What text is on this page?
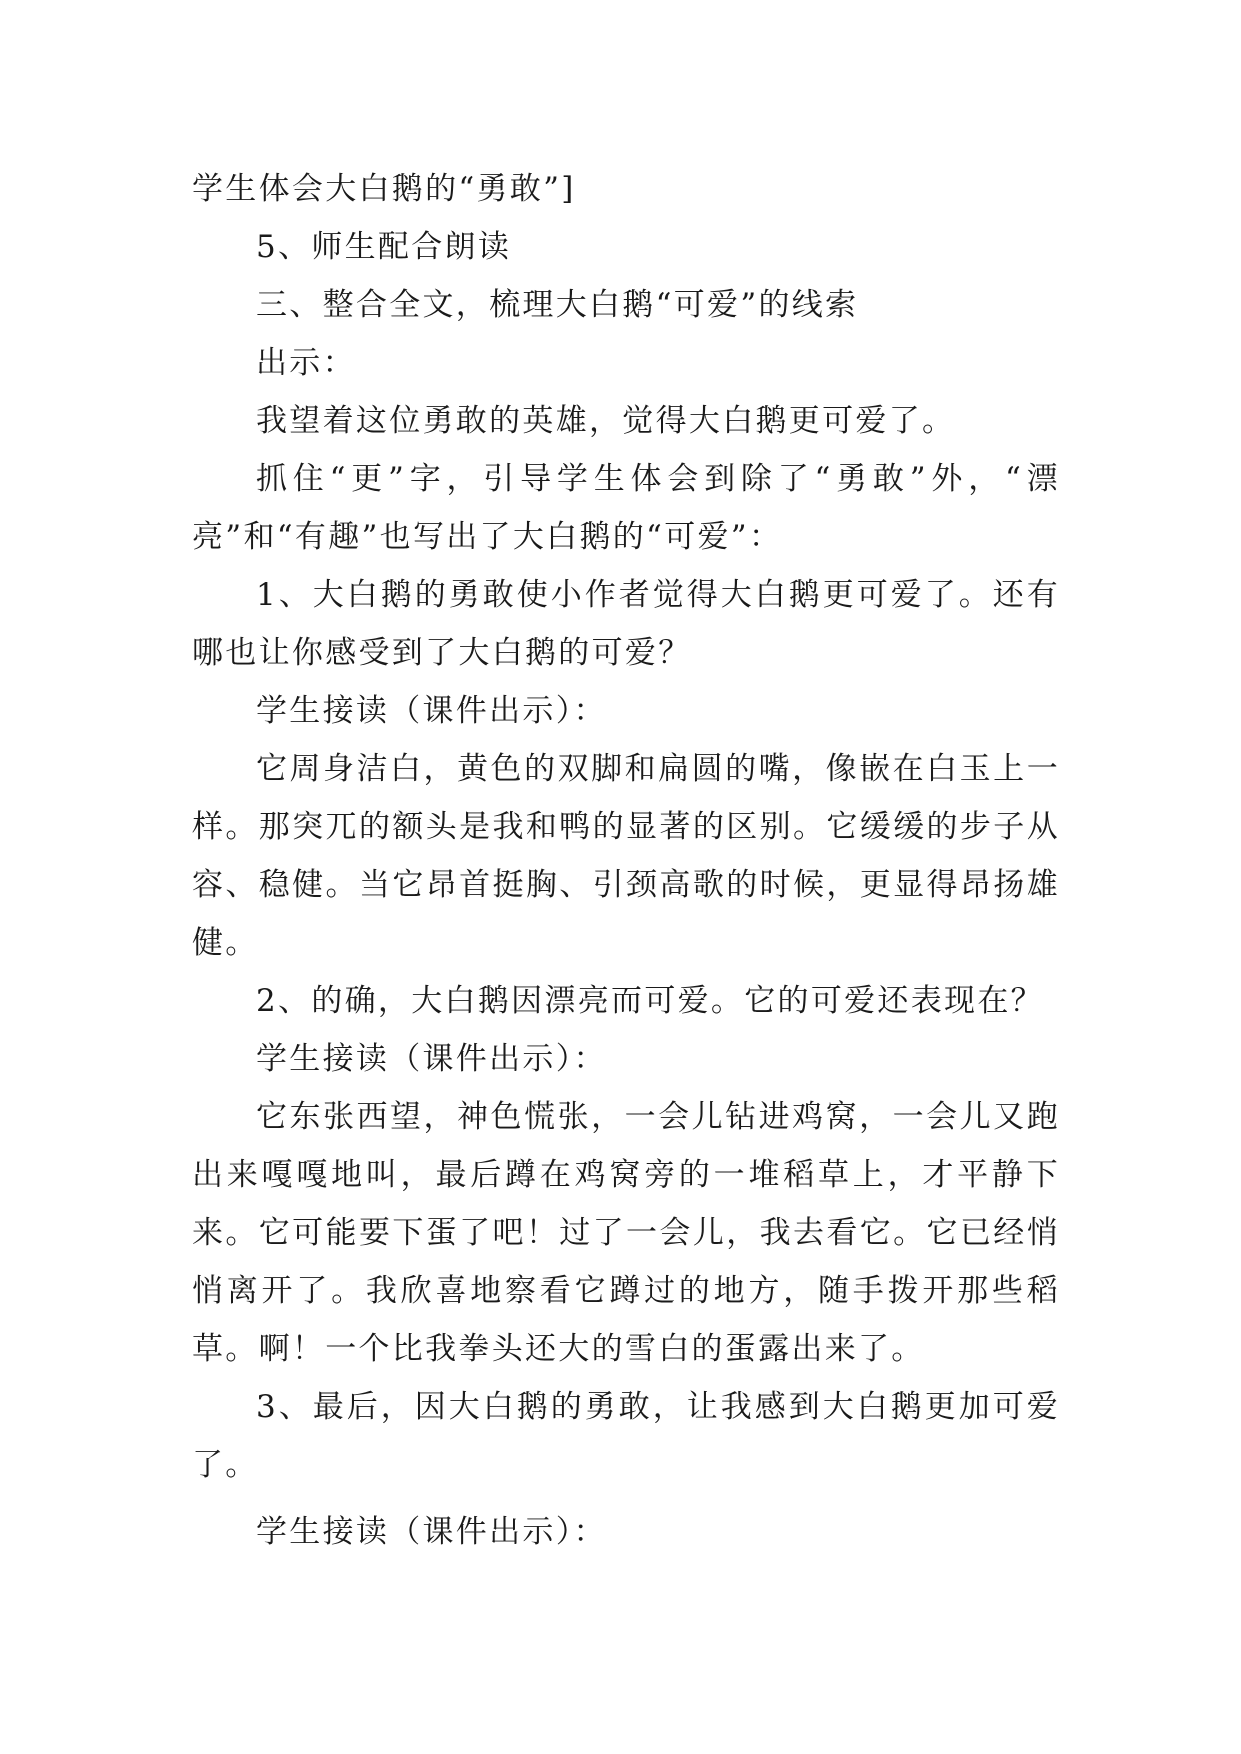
学生体会大白鹅的“勇敢”]

5、师生配合朗读

三、整合全文，梳理大白鹅“可爱”的线索

出示：

我望着这位勇敢的英雄，觉得大白鹅更可爱了。

抓住“更”字，引导学生体会到除了“勇敢”外，“漂亮”和“有趣”也写出了大白鹅的“可爱”：

1、大白鹅的勇敢使小作者觉得大白鹅更可爱了。还有哪也让你感受到了大白鹅的可爱？

学生接读（课件出示）：

它周身洁白，黄色的双脚和扁圆的嘴，像嵌在白玉上一样。那突兀的额头是我和鸭的显著的区别。它缓缓的步子从容、稳健。当它昂首挺胸、引颈高歌的时候，更显得昂扬雄健。

2、的确，大白鹅因漂亮而可爱。它的可爱还表现在？

学生接读（课件出示）：

它东张西望，神色慌张，一会儿钻进鸡窝，一会儿又跑出来嘎嘎地叫，最后蹲在鸡窝旁的一堆稻草上，才平静下来。它可能要下蛋了吧！过了一会儿，我去看它。它已经悄悄离开了。我欣喜地察看它蹲过的地方，随手拨开那些稻草。啊！一个比我拳头还大的雪白的蛋露出来了。

3、最后，因大白鹅的勇敢，让我感到大白鹅更加可爱了。

学生接读（课件出示）：
